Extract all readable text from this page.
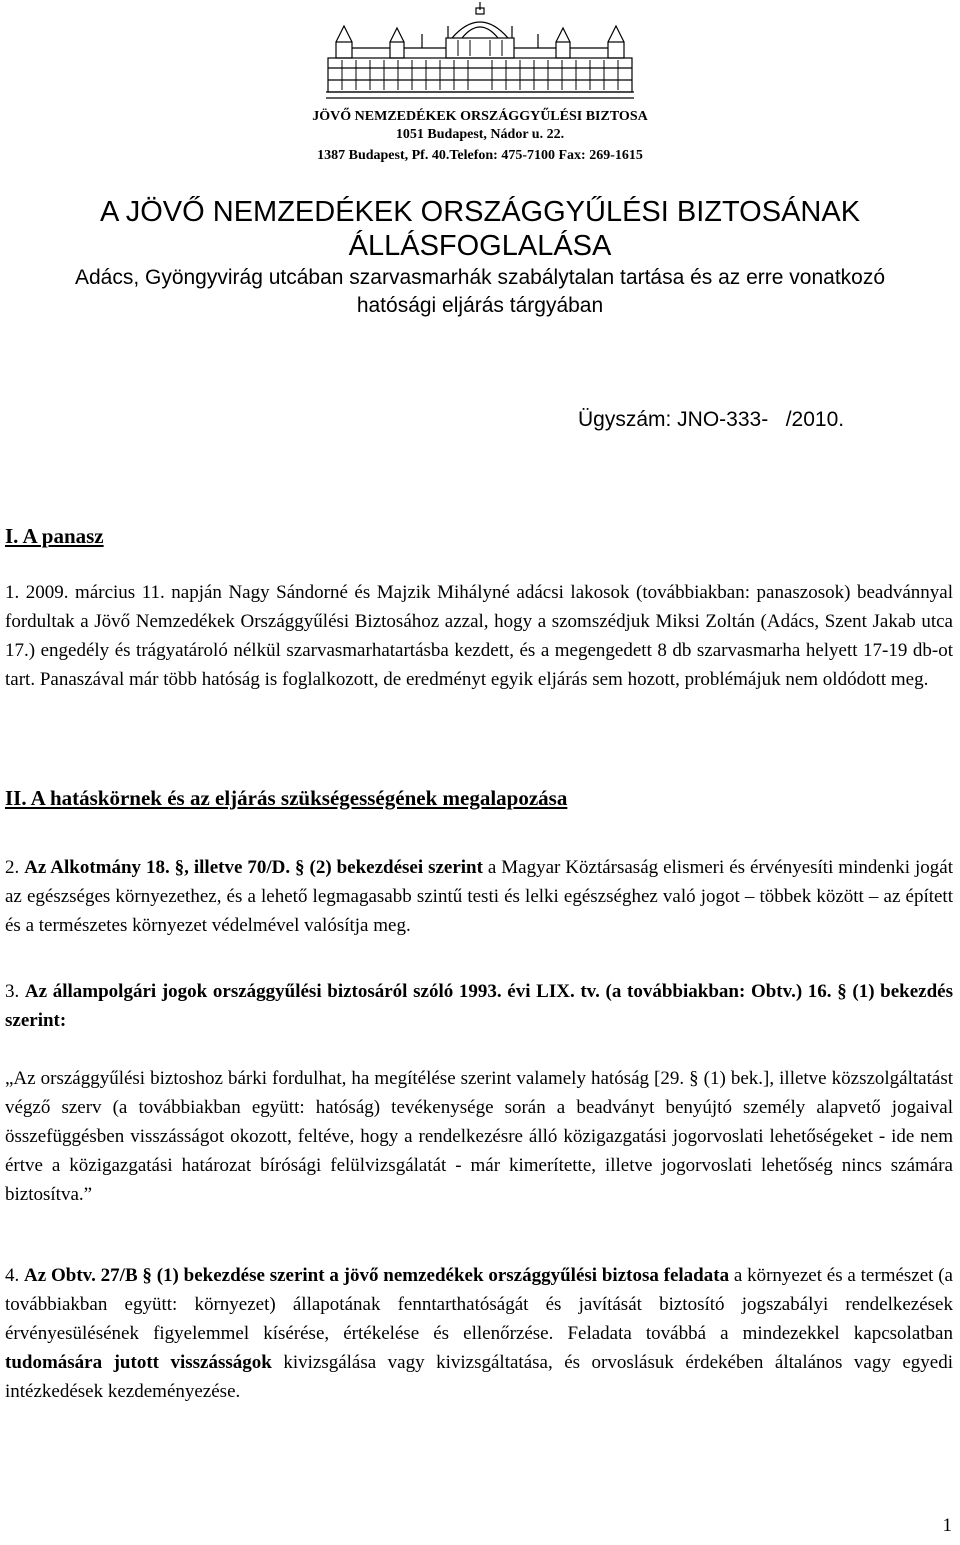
JÖVŐ NEMZEDÉKEK ORSZÁGGYŰLÉSI BIZTOSA
1051 Budapest, Nádor u. 22.
1387 Budapest, Pf. 40.Telefon: 475-7100 Fax: 269-1615
A JÖVŐ NEMZEDÉKEK ORSZÁGGYŰLÉSI BIZTOSÁNAK
ÁLLÁSFOGLALÁSA
Adács, Gyöngyvirág utcában szarvasmarhák szabálytalan tartása és az erre vonatkozó
hatósági eljárás tárgyában
Ügyszám: JNO-333-   /2010.
I. A panasz
1. 2009. március 11. napján Nagy Sándorné és Majzik Mihályné adácsi lakosok (továbbiakban: panaszosok) beadvánnyal fordultak a Jövő Nemzedékek Országgyűlési Biztosához azzal, hogy a szomszédjuk Miksi Zoltán (Adács, Szent Jakab utca 17.) engedély és trágyatároló nélkül szarvasmarhatartásba kezdett, és a megengedett 8 db szarvasmarha helyett 17-19 db-ot tart. Panaszával már több hatóság is foglalkozott, de eredményt egyik eljárás sem hozott, problémájuk nem oldódott meg.
II. A hatáskörnek és az eljárás szükségességének megalapozása
2. Az Alkotmány 18. §, illetve 70/D. § (2) bekezdései szerint a Magyar Köztársaság elismeri és érvényesíti mindenki jogát az egészséges környezethez, és a lehető legmagasabb szintű testi és lelki egészséghez való jogot – többek között – az épített és a természetes környezet védelmével valósítja meg.
3. Az állampolgári jogok országgyűlési biztosáról szóló 1993. évi LIX. tv. (a továbbiakban: Obtv.) 16. § (1) bekezdés szerint:
„Az országgyűlési biztoshoz bárki fordulhat, ha megítélése szerint valamely hatóság [29. § (1) bek.], illetve közszolgáltatást végző szerv (a továbbiakban együtt: hatóság) tevékenysége során a beadványt benyújtó személy alapvető jogaival összefüggésben visszásságot okozott, feltéve, hogy a rendelkezésre álló közigazgatási jogorvoslati lehetőségeket - ide nem értve a közigazgatási határozat bírósági felülvizsgálatát - már kimerítette, illetve jogorvoslati lehetőség nincs számára biztosítva.”
4. Az Obtv. 27/B § (1) bekezdése szerint a jövő nemzedékek országgyűlési biztosa feladata a környezet és a természet (a továbbiakban együtt: környezet) állapotának fenntarthatóságát és javítását biztosító jogszabályi rendelkezések érvényesülésének figyelemmel kísérése, értékelése és ellenőrzése. Feladata továbbá a mindezekkel kapcsolatban tudomására jutott visszásságok kivizsgálása vagy kivizsgáltatása, és orvoslásuk érdekében általános vagy egyedi intézkedések kezdeményezése.
1
